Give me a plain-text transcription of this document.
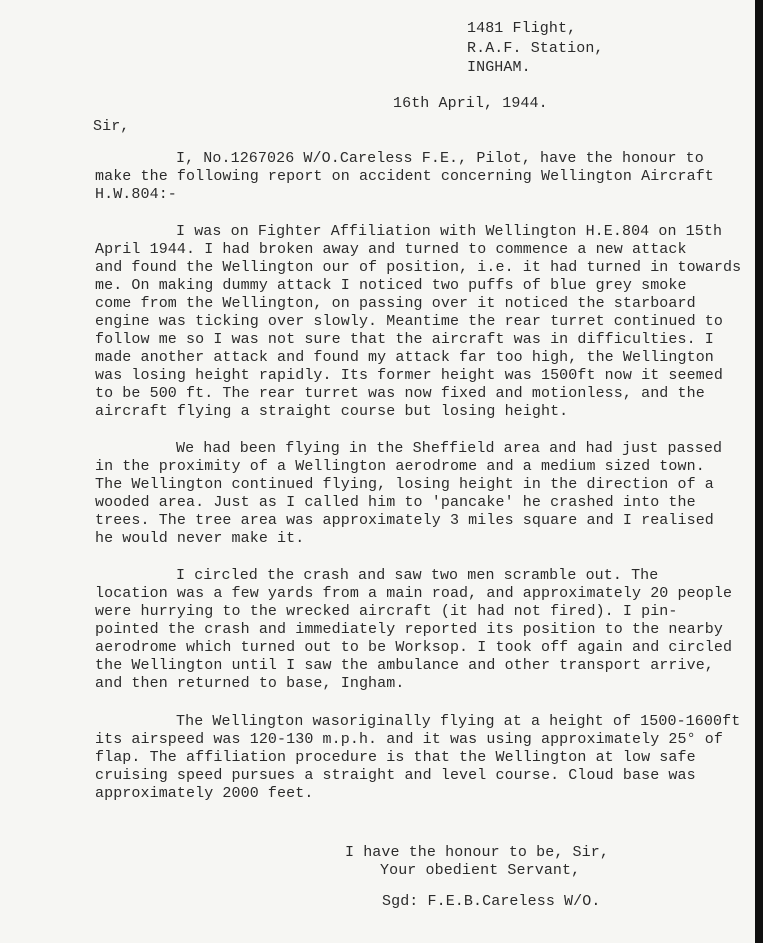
1481 Flight,
R.A.F. Station,
INGHAM.
16th April, 1944.
Sir,
I, No.1267026 W/O.Careless F.E., Pilot, have the honour to
make the following report on accident concerning Wellington Aircraft
H.W.804:-
I was on Fighter Affiliation with Wellington H.E.804 on 15th
April 1944. I had broken away and turned to commence a new attack
and found the Wellington our of position, i.e. it had turned in towards
me. On making dummy attack I noticed two puffs of blue grey smoke
come from the Wellington, on passing over it noticed the starboard
engine was ticking over slowly. Meantime the rear turret continued to
follow me so I was not sure that the aircraft was in difficulties. I
made another attack and found my attack far too high, the Wellington
was losing height rapidly. Its former height was 1500ft now it seemed
to be 500 ft. The rear turret was now fixed and motionless, and the
aircraft flying a straight course but losing height.
We had been flying in the Sheffield area and had just passed
in the proximity of a Wellington aerodrome and a medium sized town.
The Wellington continued flying, losing height in the direction of a
wooded area. Just as I called him to 'pancake' he crashed into the
trees. The tree area was approximately 3 miles square and I realised
he would never make it.
I circled the crash and saw two men scramble out. The
location was a few yards from a main road, and approximately 20 people
were hurrying to the wrecked aircraft (it had not fired). I pin-
pointed the crash and immediately reported its position to the nearby
aerodrome which turned out to be Worksop. I took off again and circled
the Wellington until I saw the ambulance and other transport arrive,
and then returned to base, Ingham.
The Wellington wasoriginally flying at a height of 1500-1600ft
its airspeed was 120-130 m.p.h. and it was using approximately 25° of
flap. The affiliation procedure is that the Wellington at low safe
cruising speed pursues a straight and level course. Cloud base was
approximately 2000 feet.
I have the honour to be, Sir,
Your obedient Servant,
Sgd: F.E.B.Careless W/O.
